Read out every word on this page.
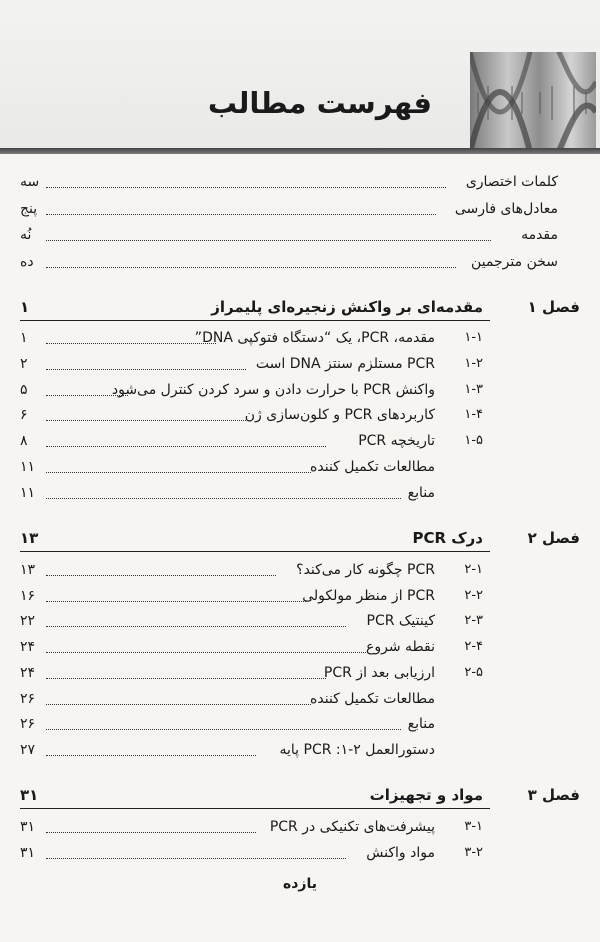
فهرست مطالب
کلمات اختصاری
سه
معادل‌های فارسی
پنج
مقدمه
نُه
سخن مترجمین
ده
فصل ۱
مقدمه‌ای بر واکنش زنجیره‌ای پلیمراز
۱
۱-۱
مقدمه، PCR، یک “دستگاه فتوکپی DNA”
۱
۱-۲
PCR مستلزم سنتز DNA است
۲
۱-۳
واکنش PCR با حرارت دادن و سرد کردن کنترل می‌شود
۵
۱-۴
کاربردهای PCR و کلون‌سازی ژن
۶
۱-۵
تاریخچه PCR
۸
مطالعات تکمیل کننده
۱۱
منابع
۱۱
فصل ۲
درک PCR
۱۳
۲-۱
PCR چگونه کار می‌کند؟
۱۳
۲-۲
PCR از منظر مولکولی
۱۶
۲-۳
کینتیک PCR
۲۲
۲-۴
نقطه شروع
۲۴
۲-۵
ارزیابی بعد از PCR
۲۴
مطالعات تکمیل کننده
۲۶
منابع
۲۶
دستورالعمل ۲-۱: PCR پایه
۲۷
فصل ۳
مواد و تجهیزات
۳۱
۳-۱
پیشرفت‌های تکنیکی در PCR
۳۱
۳-۲
مواد واکنش
۳۱
یازده
